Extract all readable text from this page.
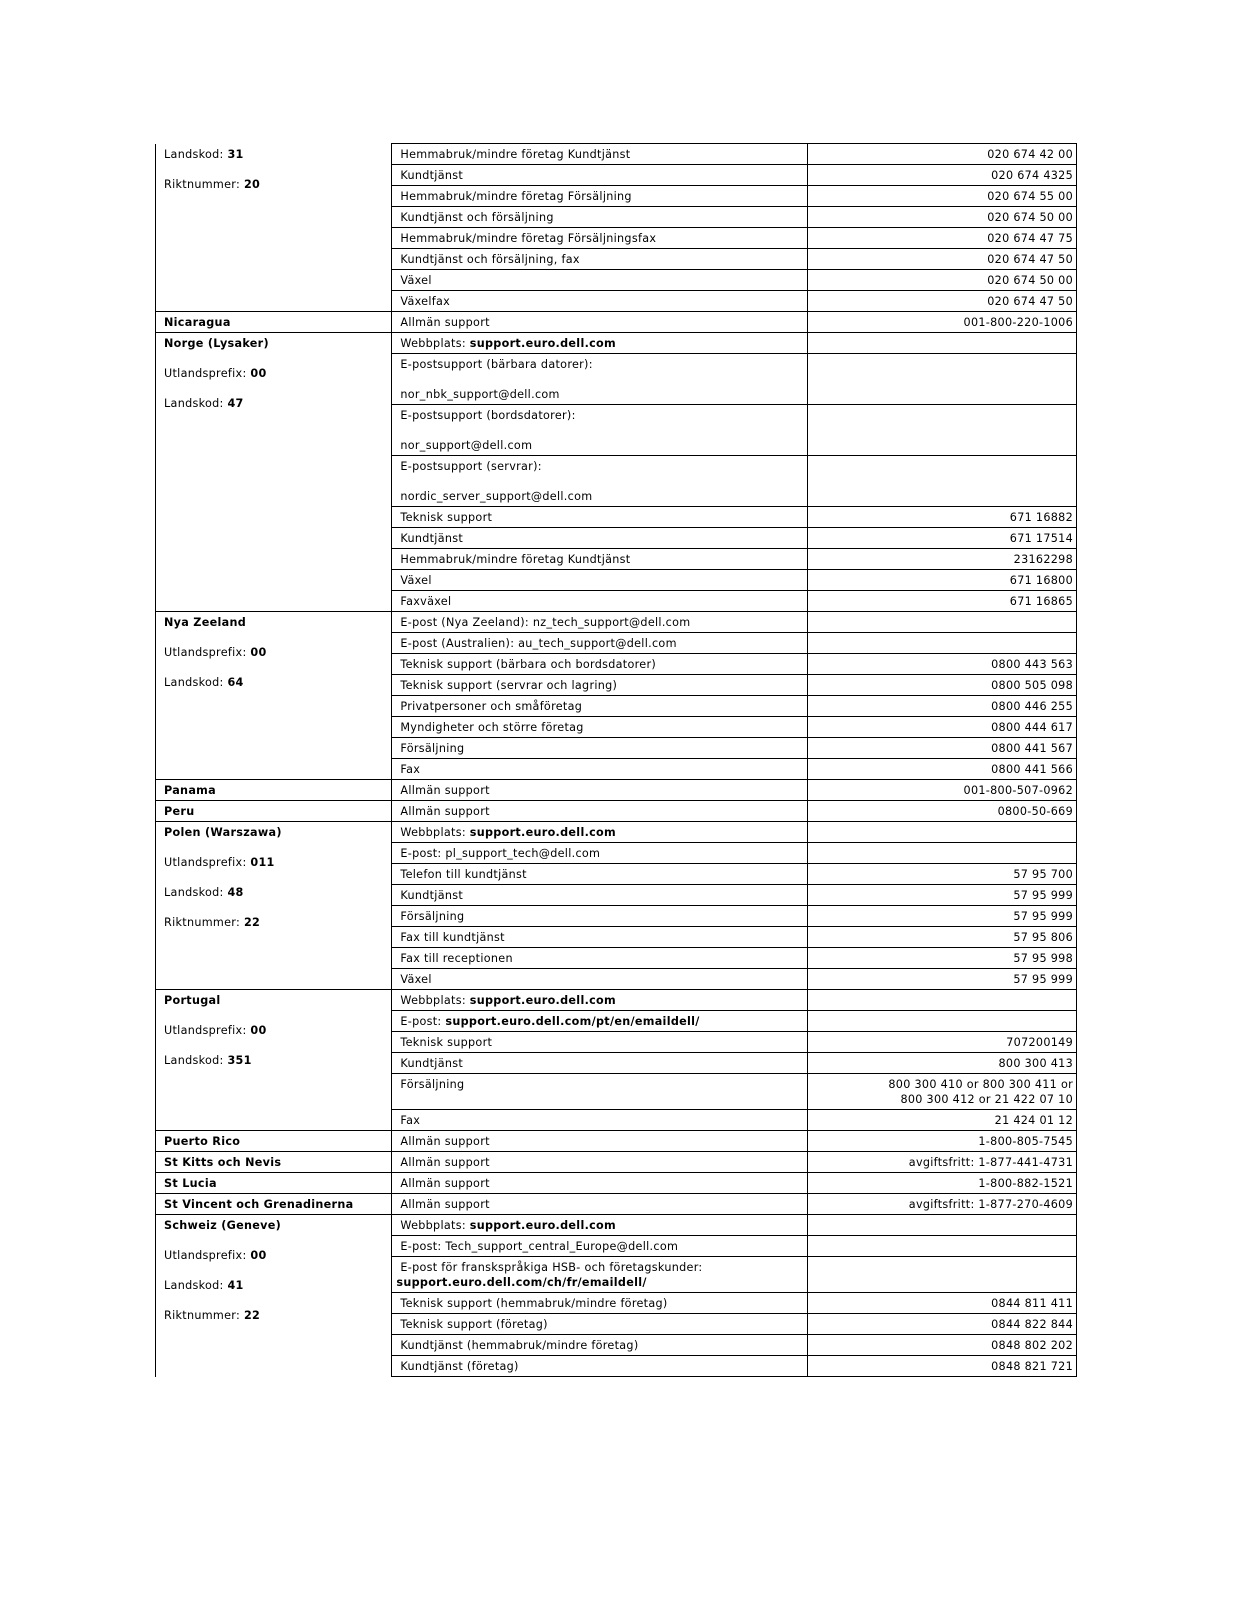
Landskod: 31
Riktnummer: 20	Hemmabruk/mindre företag Kundtjänst	020 674 42 00

	Kundtjänst	020 674 4325

	Hemmabruk/mindre företag Försäljning	020 674 55 00

	Kundtjänst och försäljning	020 674 50 00

	Hemmabruk/mindre företag Försäljningsfax	020 674 47 75

	Kundtjänst och försäljning, fax	020 674 47 50

	Växel	020 674 50 00

	Växelfax	020 674 47 50

Nicaragua	Allmän support	001-800-220-1006

Norge (Lysaker)
Utlandsprefix: 00
Landskod: 47	Webbplats: support.euro.dell.com	

	E-postsupport (bärbara datorer):
nor_nbk_support@dell.com	

	E-postsupport (bordsdatorer):
nor_support@dell.com	

	E-postsupport (servrar):
nordic_server_support@dell.com	

	Teknisk support	671 16882

	Kundtjänst	671 17514

	Hemmabruk/mindre företag Kundtjänst	23162298

	Växel	671 16800

	Faxväxel	671 16865

Nya Zeeland
Utlandsprefix: 00
Landskod: 64	E-post (Nya Zeeland): nz_tech_support@dell.com	

	E-post (Australien): au_tech_support@dell.com	

	Teknisk support (bärbara och bordsdatorer)	0800 443 563

	Teknisk support (servrar och lagring)	0800 505 098

	Privatpersoner och småföretag	0800 446 255

	Myndigheter och större företag	0800 444 617

	Försäljning	0800 441 567

	Fax	0800 441 566

Panama	Allmän support	001-800-507-0962

Peru	Allmän support	0800-50-669

Polen (Warszawa)
Utlandsprefix: 011
Landskod: 48
Riktnummer: 22	Webbplats: support.euro.dell.com	

	E-post: pl_support_tech@dell.com	

	Telefon till kundtjänst	57 95 700

	Kundtjänst	57 95 999

	Försäljning	57 95 999

	Fax till kundtjänst	57 95 806

	Fax till receptionen	57 95 998

	Växel	57 95 999

Portugal
Utlandsprefix: 00
Landskod: 351	Webbplats: support.euro.dell.com	

	E-post: support.euro.dell.com/pt/en/emaildell/	

	Teknisk support	707200149

	Kundtjänst	800 300 413

	Försäljning	800 300 410 or 800 300 411 or
800 300 412 or 21 422 07 10

	Fax	21 424 01 12

Puerto Rico	Allmän support	1-800-805-7545

St Kitts och Nevis	Allmän support	avgiftsfritt: 1-877-441-4731

St Lucia	Allmän support	1-800-882-1521

St Vincent och Grenadinerna	Allmän support	avgiftsfritt: 1-877-270-4609

Schweiz (Geneve)
Utlandsprefix: 00
Landskod: 41
Riktnummer: 22	Webbplats: support.euro.dell.com	

	E-post: Tech_support_central_Europe@dell.com	

	E-post för franskspråkiga HSB- och företagskunder:
support.euro.dell.com/ch/fr/emaildell/	

	Teknisk support (hemmabruk/mindre företag)	0844 811 411

	Teknisk support (företag)	0844 822 844

	Kundtjänst (hemmabruk/mindre företag)	0848 802 202

	Kundtjänst (företag)	0848 821 721
